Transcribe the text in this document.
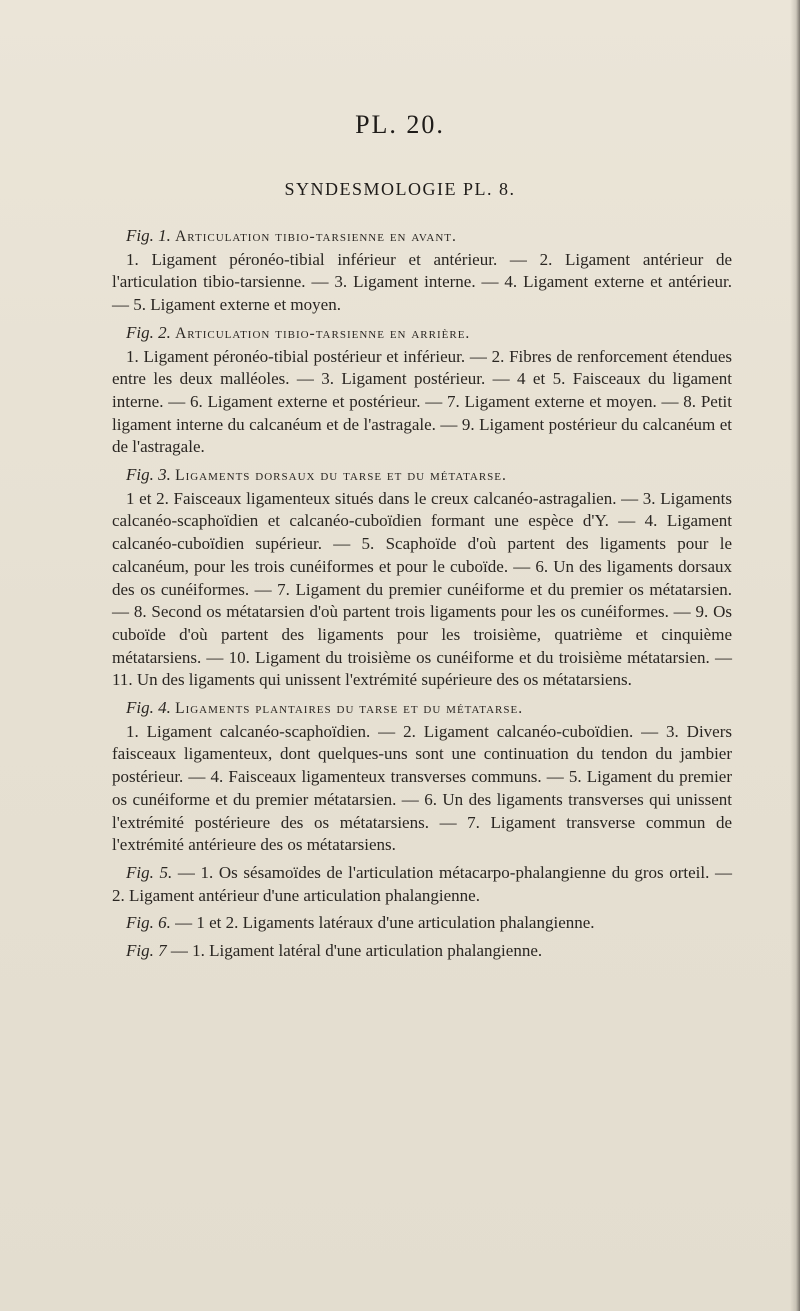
PL. 20.
SYNDESMOLOGIE PL. 8.

Fig. 1. Articulation tibio-tarsienne en avant.
1. Ligament péronéo-tibial inférieur et antérieur. — 2. Ligament antérieur de l'articulation tibio-tarsienne. — 3. Ligament interne. — 4. Ligament externe et antérieur. — 5. Ligament externe et moyen.

Fig. 2. Articulation tibio-tarsienne en arrière.
1. Ligament péronéo-tibial postérieur et inférieur. — 2. Fibres de renforcement étendues entre les deux malléoles. — 3. Ligament postérieur. — 4 et 5. Faisceaux du ligament interne. — 6. Ligament externe et postérieur. — 7. Ligament externe et moyen. — 8. Petit ligament interne du calcanéum et de l'astragale. — 9. Ligament postérieur du calcanéum et de l'astragale.

Fig. 3. Ligaments dorsaux du tarse et du métatarse.
1 et 2. Faisceaux ligamenteux situés dans le creux calcanéo-astragalien. — 3. Ligaments calcanéo-scaphoïdien et calcanéo-cuboïdien formant une espèce d'Y. — 4. Ligament calcanéo-cuboïdien supérieur. — 5. Scaphoïde d'où partent des ligaments pour le calcanéum, pour les trois cunéiformes et pour le cuboïde. — 6. Un des ligaments dorsaux des os cunéiformes. — 7. Ligament du premier cunéiforme et du premier os métatarsien. — 8. Second os métatarsien d'où partent trois ligaments pour les os cunéiformes. — 9. Os cuboïde d'où partent des ligaments pour les troisième, quatrième et cinquième métatarsiens. — 10. Ligament du troisième os cunéiforme et du troisième métatarsien. — 11. Un des ligaments qui unissent l'extrémité supérieure des os métatarsiens.

Fig. 4. Ligaments plantaires du tarse et du métatarse.
1. Ligament calcanéo-scaphoïdien. — 2. Ligament calcanéo-cuboïdien. — 3. Divers faisceaux ligamenteux, dont quelques-uns sont une continuation du tendon du jambier postérieur. — 4. Faisceaux ligamenteux transverses communs. — 5. Ligament du premier os cunéiforme et du premier métatarsien. — 6. Un des ligaments transverses qui unissent l'extrémité postérieure des os métatarsiens. — 7. Ligament transverse commun de l'extrémité antérieure des os métatarsiens.

Fig. 5. — 1. Os sésamoïdes de l'articulation métacarpo-phalangienne du gros orteil. — 2. Ligament antérieur d'une articulation phalangienne.

Fig. 6. — 1 et 2. Ligaments latéraux d'une articulation phalangienne.

Fig. 7 — 1. Ligament latéral d'une articulation phalangienne.
